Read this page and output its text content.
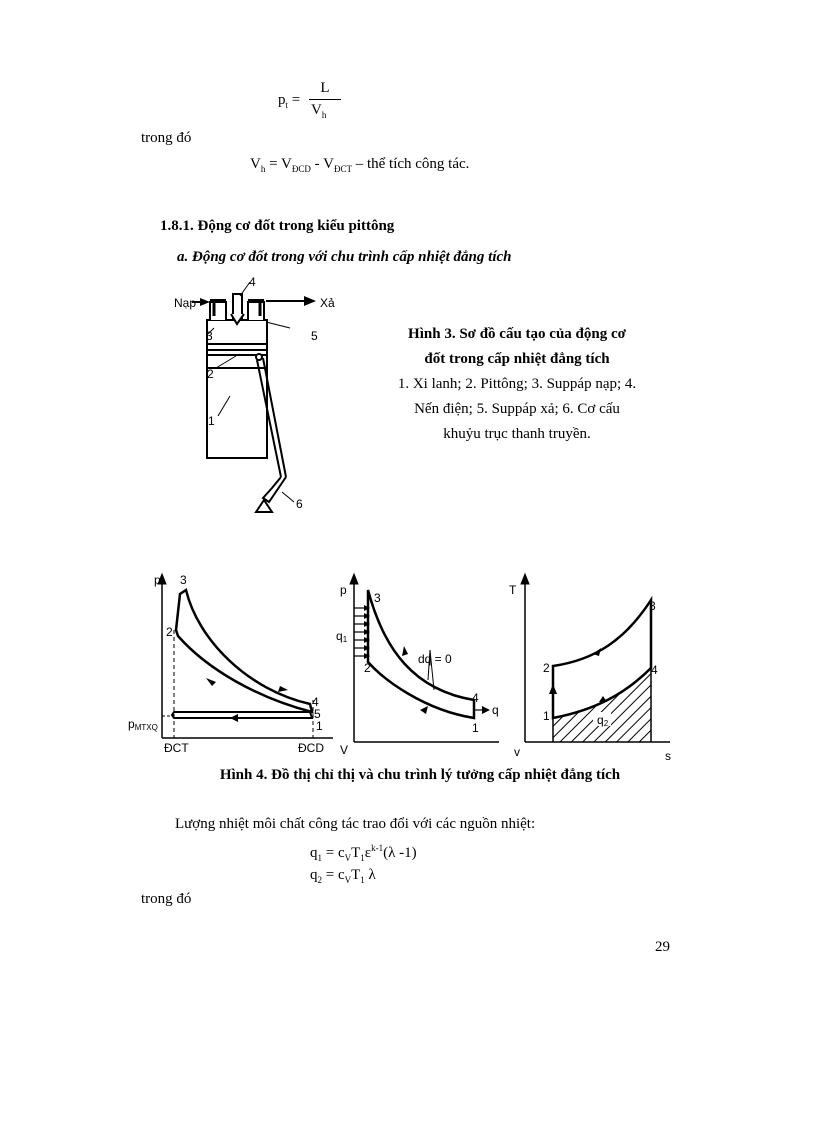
$p_t$ =
L
$V_h$
trong đó
$V_h = V_{ĐCD} - V_{ĐCT}$ – thể tích công tác.
1.8.1. Động cơ đốt trong kiểu pittông
a. Động cơ đốt trong với chu trình cấp nhiệt đẳng tích
Nạp	Xả
4
3	5
2
1
6
Hình 3. Sơ đồ cấu tạo của động cơ
đốt trong cấp nhiệt đẳng tích
1. Xi lanh; 2. Pittông; 3. Suppáp nạp; 4.
Nến điện; 5. Suppáp xả; 6. Cơ cấu
khuỷu trục thanh truyền.
p 3
2
4
5
1
pMTXQ
ĐCT	ĐCD V
p
3
q1
2
dq = 0
4
q
1
v
T
3
2	4
1	q2
s
Hình 4. Đồ thị chỉ thị và chu trình lý tưởng cấp nhiệt đẳng tích
Lượng nhiệt môi chất công tác trao đổi với các nguồn nhiệt:
$q_1 = c_VT_1\varepsilon^{k-1}(\lambda$ -1)
$q_2 = c_VT_1$ λ
trong đó
29
